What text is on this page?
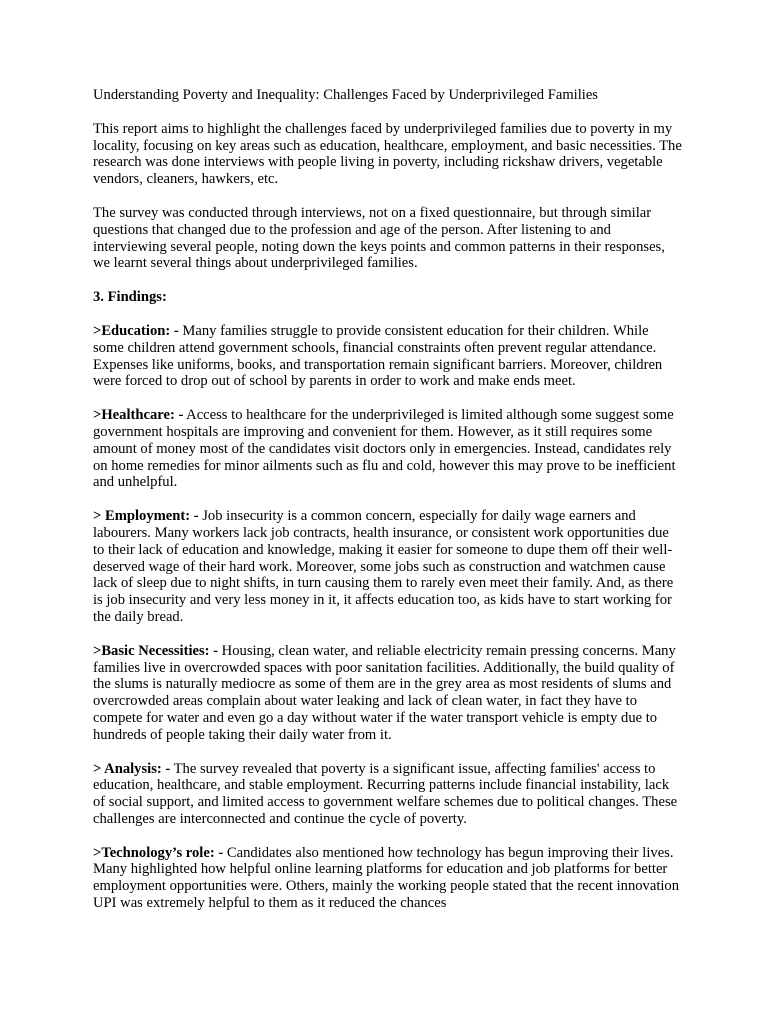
Understanding Poverty and Inequality: Challenges Faced by Underprivileged Families

This report aims to highlight the challenges faced by underprivileged families due to poverty in my locality, focusing on key areas such as education, healthcare, employment, and basic necessities. The research was done interviews with people living in poverty, including rickshaw drivers, vegetable vendors, cleaners, hawkers, etc.

The survey was conducted through interviews, not on a fixed questionnaire, but through similar questions that changed due to the profession and age of the person. After listening to and interviewing several people, noting down the keys points and common patterns in their responses, we learnt several things about underprivileged families.

3. Findings:

>Education: - Many families struggle to provide consistent education for their children. While some children attend government schools, financial constraints often prevent regular attendance. Expenses like uniforms, books, and transportation remain significant barriers. Moreover, children were forced to drop out of school by parents in order to work and make ends meet.

>Healthcare: - Access to healthcare for the underprivileged is limited although some suggest some government hospitals are improving and convenient for them. However, as it still requires some amount of money most of the candidates visit doctors only in emergencies. Instead, candidates rely on home remedies for minor ailments such as flu and cold, however this may prove to be inefficient and unhelpful.

> Employment: - Job insecurity is a common concern, especially for daily wage earners and labourers. Many workers lack job contracts, health insurance, or consistent work opportunities due to their lack of education and knowledge, making it easier for someone to dupe them off their well-deserved wage of their hard work. Moreover, some jobs such as construction and watchmen cause lack of sleep due to night shifts, in turn causing them to rarely even meet their family. And, as there is job insecurity and very less money in it, it affects education too, as kids have to start working for the daily bread.

>Basic Necessities: - Housing, clean water, and reliable electricity remain pressing concerns. Many families live in overcrowded spaces with poor sanitation facilities. Additionally, the build quality of the slums is naturally mediocre as some of them are in the grey area as most residents of slums and overcrowded areas complain about water leaking and lack of clean water, in fact they have to compete for water and even go a day without water if the water transport vehicle is empty due to hundreds of people taking their daily water from it.

> Analysis: - The survey revealed that poverty is a significant issue, affecting families' access to education, healthcare, and stable employment. Recurring patterns include financial instability, lack of social support, and limited access to government welfare schemes due to political changes. These challenges are interconnected and continue the cycle of poverty.

>Technology’s role: - Candidates also mentioned how technology has begun improving their lives. Many highlighted how helpful online learning platforms for education and job platforms for better employment opportunities were. Others, mainly the working people stated that the recent innovation UPI was extremely helpful to them as it reduced the chances
